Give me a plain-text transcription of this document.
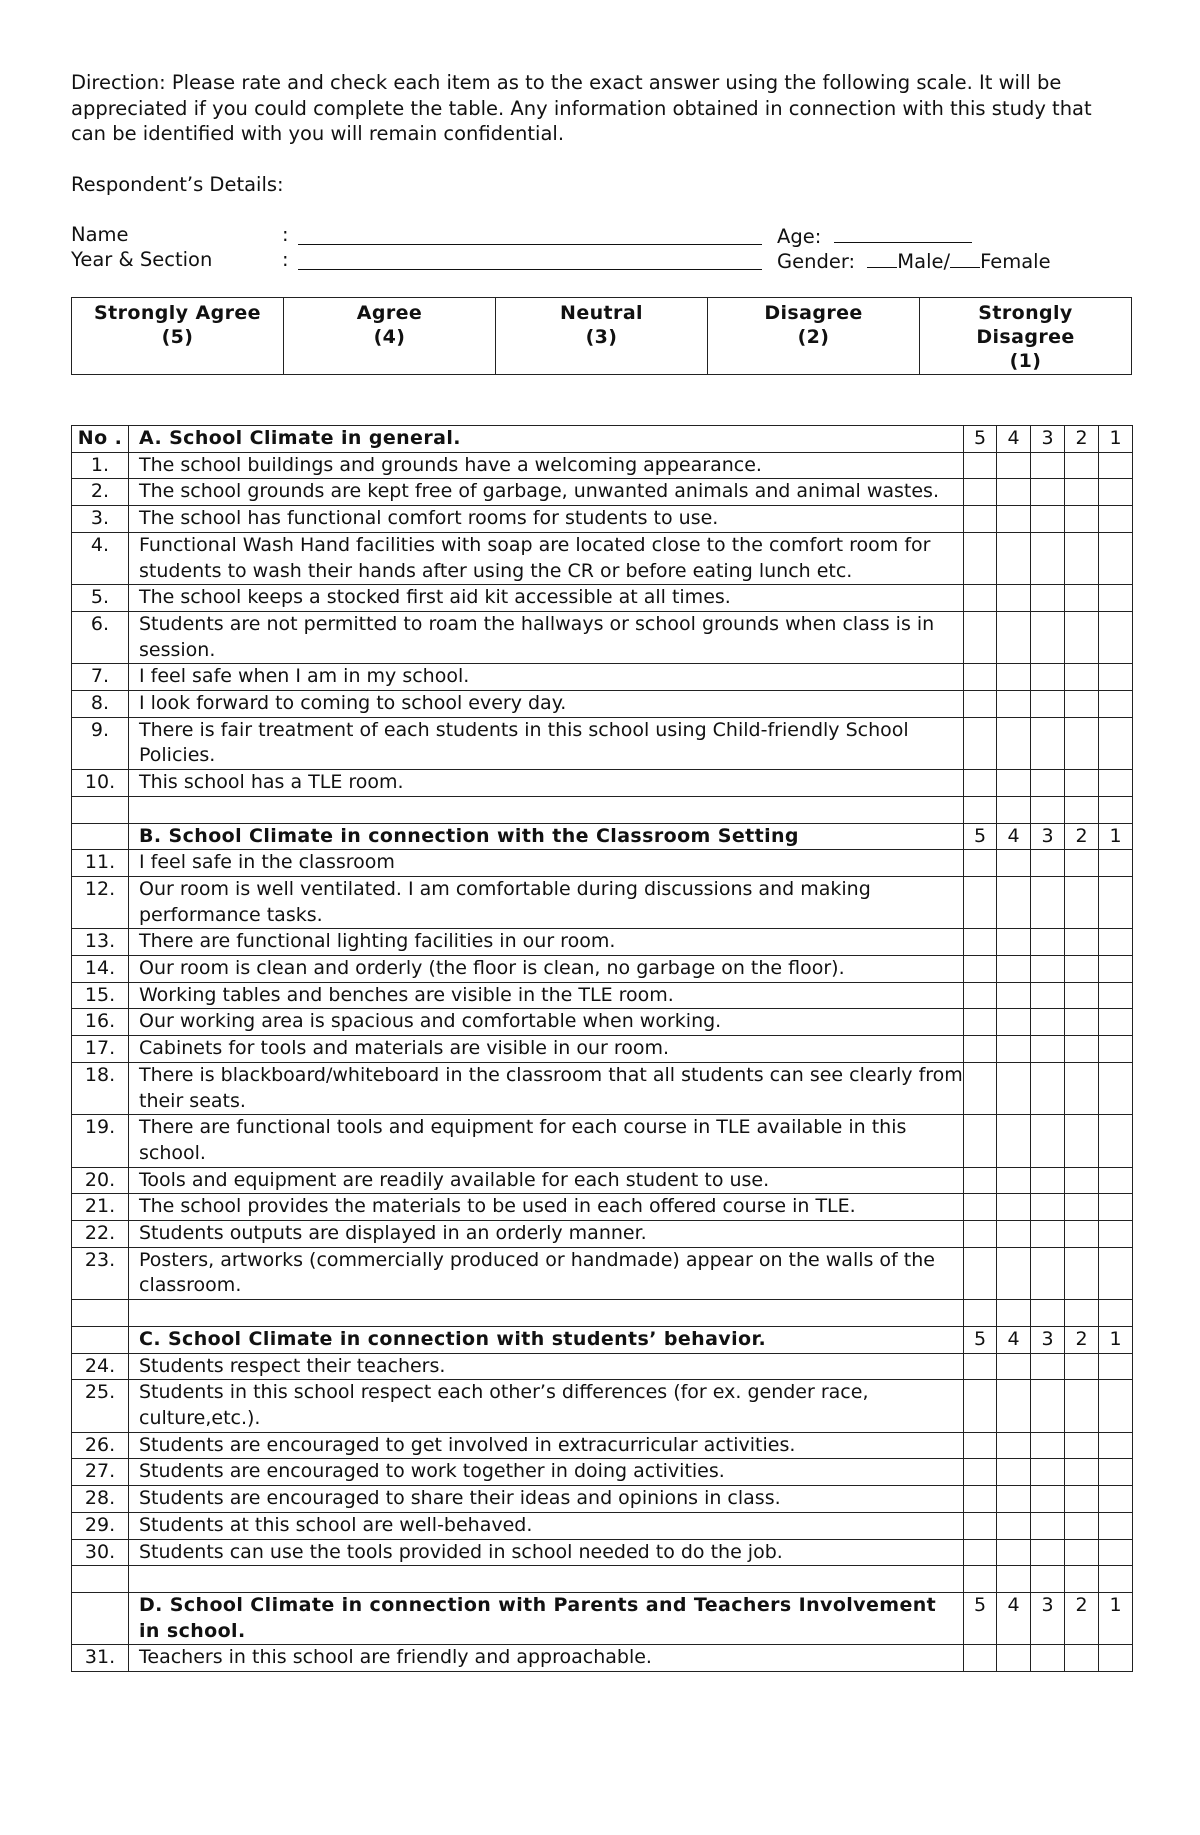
Direction: Please rate and check each item as to the exact answer using the following scale. It will be appreciated if you could complete the table. Any information obtained in connection with this study that can be identified with you will remain confidential.
Respondent’s Details:
Name	:	Age:
Year & Section	:	Gender: Male/ Female
Strongly Agree
(5)

Agree
(4)

Neutral
(3)

Disagree
(2)

Strongly Disagree
(1)
No .	A. School Climate in general.	5	4	3	2	1
1.	The school buildings and grounds have a welcoming appearance.					
2.	The school grounds are kept free of garbage, unwanted animals and animal wastes.					
3.	The school has functional comfort rooms for students to use.					
4.	Functional Wash Hand facilities with soap are located close to the comfort room for students to wash their hands after using the CR or before eating lunch etc.					
5.	The school keeps a stocked first aid kit accessible at all times.					
6.	Students are not permitted to roam the hallways or school grounds when class is in session.					
7.	I feel safe when I am in my school.					
8.	I look forward to coming to school every day.					
9.	There is fair treatment of each students in this school using Child-friendly School Policies.					
10.	This school has a TLE room.					

	B. School Climate in connection with the Classroom Setting	5	4	3	2	1
11.	I feel safe in the classroom					
12.	Our room is well ventilated. I am comfortable during discussions and making performance tasks.					
13.	There are functional lighting facilities in our room.					
14.	Our room is clean and orderly (the floor is clean, no garbage on the floor).					
15.	Working tables and benches are visible in the TLE room.					
16.	Our working area is spacious and comfortable when working.					
17.	Cabinets for tools and materials are visible in our room.					
18.	There is blackboard/whiteboard in the classroom that all students can see clearly from their seats.					
19.	There are functional tools and equipment for each course in TLE available in this school.					
20.	Tools and equipment are readily available for each student to use.					
21.	The school provides the materials to be used in each offered course in TLE.					
22.	Students outputs are displayed in an orderly manner.					
23.	Posters, artworks (commercially produced or handmade) appear on the walls of the classroom.					

	C. School Climate in connection with students’ behavior.	5	4	3	2	1
24.	Students respect their teachers.					
25.	Students in this school respect each other’s differences (for ex. gender race, culture,etc.).					
26.	Students are encouraged to get involved in extracurricular activities.					
27.	Students are encouraged to work together in doing activities.					
28.	Students are encouraged to share their ideas and opinions in class.					
29.	Students at this school are well-behaved.					
30.	Students can use the tools provided in school needed to do the job.					

	D. School Climate in connection with Parents and Teachers Involvement in school.	5	4	3	2	1
31.	Teachers in this school are friendly and approachable.					
